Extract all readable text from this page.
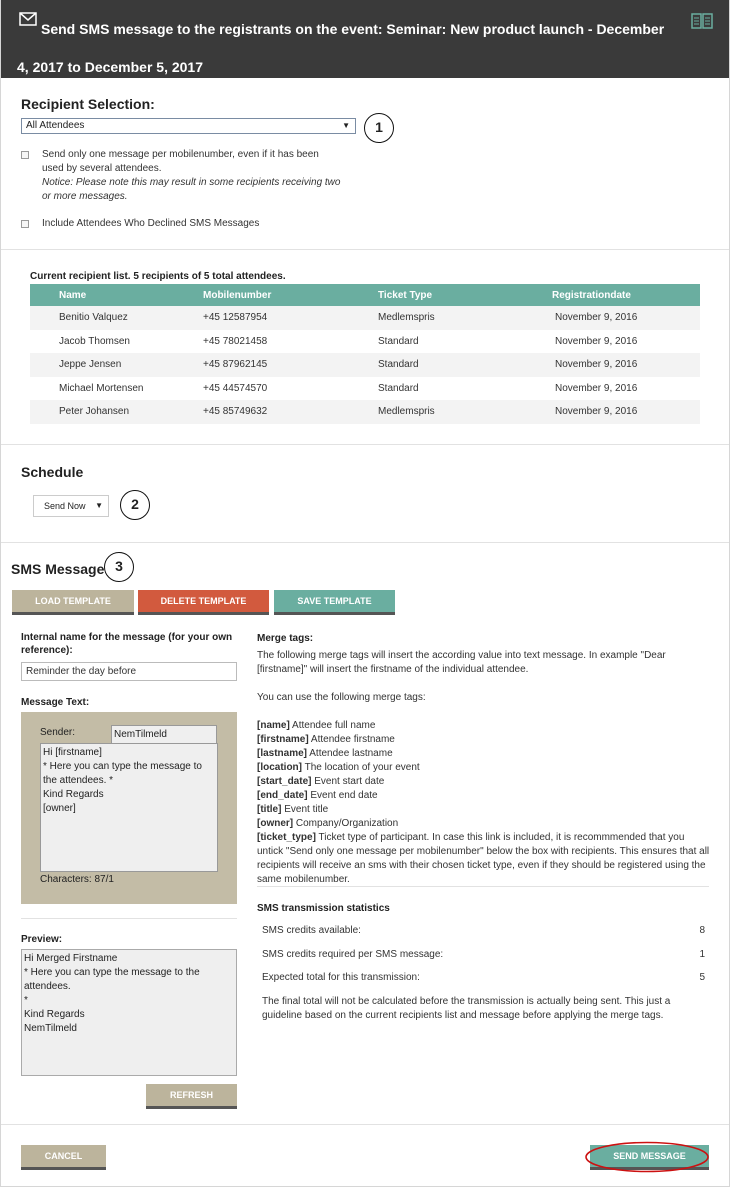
Send SMS message to the registrants on the event: Seminar: New product launch - December 4, 2017 to December 5, 2017
Recipient Selection:
All Attendees	▼	1
Send only one message per mobilenumber, even if it has been used by several attendees.
Notice: Please note this may result in some recipients receiving two or more messages.
Include Attendees Who Declined SMS Messages
Current recipient list. 5 recipients of 5 total attendees.
Name	Mobilenumber	Ticket Type	Registrationdate
Benitio Valquez	+45 12587954	Medlemspris	November 9, 2016
Jacob Thomsen	+45 78021458	Standard	November 9, 2016
Jeppe Jensen	+45 87962145	Standard	November 9, 2016
Michael Mortensen	+45 44574570	Standard	November 9, 2016
Peter Johansen	+45 85749632	Medlemspris	November 9, 2016
Schedule
Send Now ▼	2
SMS Message 3
LOAD TEMPLATE	DELETE TEMPLATE	SAVE TEMPLATE
Internal name for the message (for your own reference):
Reminder the day before
Message Text:
Sender:	NemTilmeld
Hi [firstname]
* Here you can type the message to the attendees. *
Kind Regards
[owner]
Characters: 87/1
Preview:
Hi Merged Firstname
* Here you can type the message to the attendees.
*
Kind Regards
NemTilmeld
REFRESH
Merge tags:
The following merge tags will insert the according value into text message. In example "Dear [firstname]" will insert the firstname of the individual attendee.
You can use the following merge tags:
[name] Attendee full name
[firstname] Attendee firstname
[lastname] Attendee lastname
[location] The location of your event
[start_date] Event start date
[end_date] Event end date
[title] Event title
[owner] Company/Organization
[ticket_type] Ticket type of participant. In case this link is included, it is recommmended that you untick "Send only one message per mobilenumber" below the box with recipients. This ensures that all recipients will receive an sms with their chosen ticket type, even if they should be registered using the same mobilenumber.
SMS transmission statistics
SMS credits available:	8
SMS credits required per SMS message:	1
Expected total for this transmission:	5
The final total will not be calculated before the transmission is actually being sent. This just a guideline based on the current recipients list and message before applying the merge tags.
CANCEL	SEND MESSAGE
